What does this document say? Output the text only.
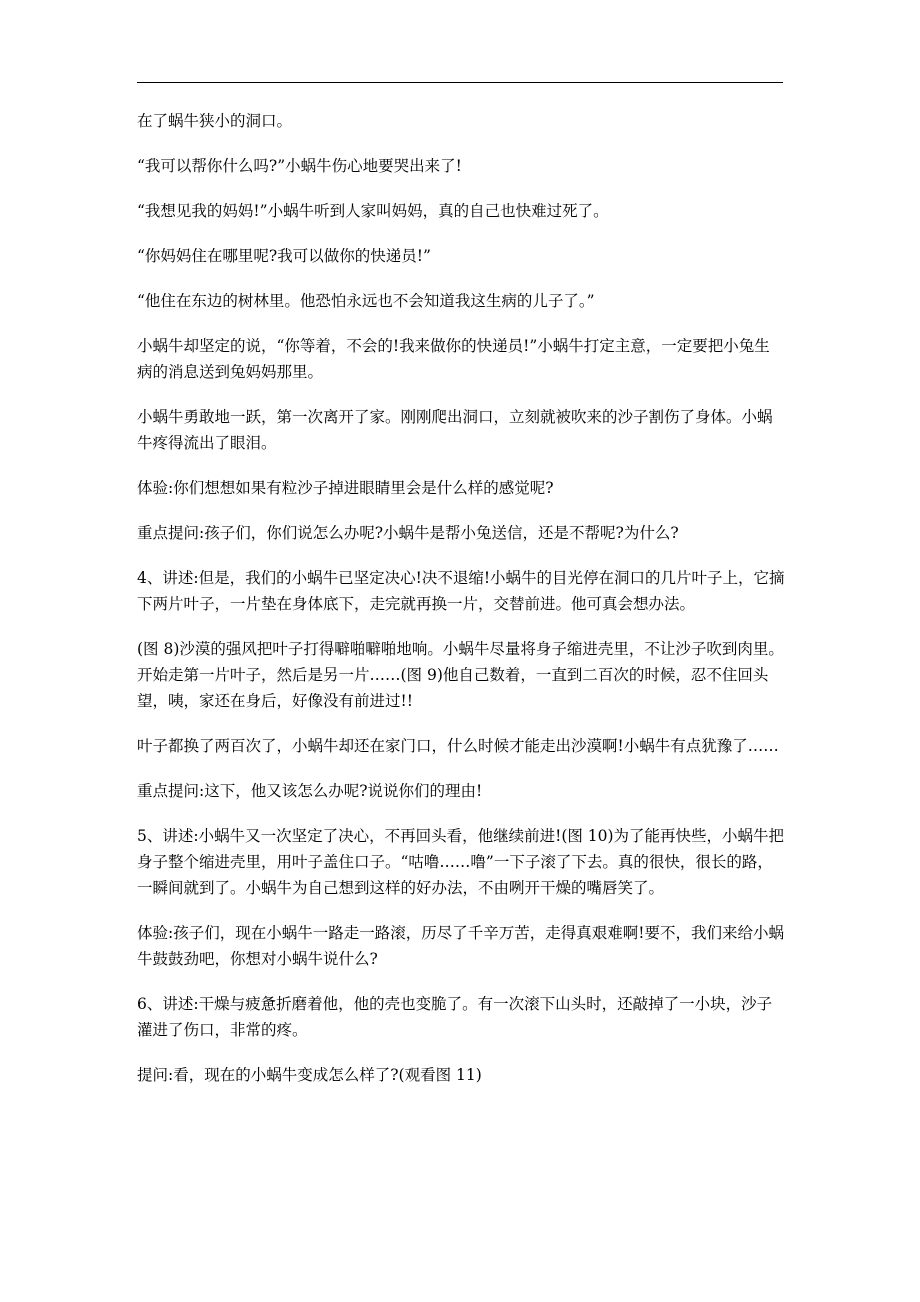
在了蜗牛狭小的洞口。

“我可以帮你什么吗?”小蜗牛伤心地要哭出来了!

“我想见我的妈妈!”小蜗牛听到人家叫妈妈，真的自己也快难过死了。

“你妈妈住在哪里呢?我可以做你的快递员!”

“他住在东边的树林里。他恐怕永远也不会知道我这生病的儿子了。”

小蜗牛却坚定的说，“你等着，不会的!我来做你的快递员!”小蜗牛打定主意，一定要把小兔生病的消息送到兔妈妈那里。

小蜗牛勇敢地一跃，第一次离开了家。刚刚爬出洞口，立刻就被吹来的沙子割伤了身体。小蜗牛疼得流出了眼泪。

体验:你们想想如果有粒沙子掉进眼睛里会是什么样的感觉呢?

重点提问:孩子们，你们说怎么办呢?小蜗牛是帮小兔送信，还是不帮呢?为什么?

4、讲述:但是，我们的小蜗牛已坚定决心!决不退缩!小蜗牛的目光停在洞口的几片叶子上，它摘下两片叶子，一片垫在身体底下，走完就再换一片，交替前进。他可真会想办法。

(图 8)沙漠的强风把叶子打得噼啪噼啪地响。小蜗牛尽量将身子缩进壳里，不让沙子吹到肉里。开始走第一片叶子，然后是另一片……(图 9)他自己数着，一直到二百次的时候，忍不住回头望，咦，家还在身后，好像没有前进过!!

叶子都换了两百次了，小蜗牛却还在家门口，什么时候才能走出沙漠啊!小蜗牛有点犹豫了……

重点提问:这下，他又该怎么办呢?说说你们的理由!

5、讲述:小蜗牛又一次坚定了决心，不再回头看，他继续前进!(图 10)为了能再快些，小蜗牛把身子整个缩进壳里，用叶子盖住口子。“咕噜……噜”一下子滚了下去。真的很快，很长的路，一瞬间就到了。小蜗牛为自己想到这样的好办法，不由咧开干燥的嘴唇笑了。

体验:孩子们，现在小蜗牛一路走一路滚，历尽了千辛万苦，走得真艰难啊!要不，我们来给小蜗牛鼓鼓劲吧，你想对小蜗牛说什么?

6、讲述:干燥与疲惫折磨着他，他的壳也变脆了。有一次滚下山头时，还敲掉了一小块，沙子灌进了伤口，非常的疼。

提问:看，现在的小蜗牛变成怎么样了?(观看图 11)
